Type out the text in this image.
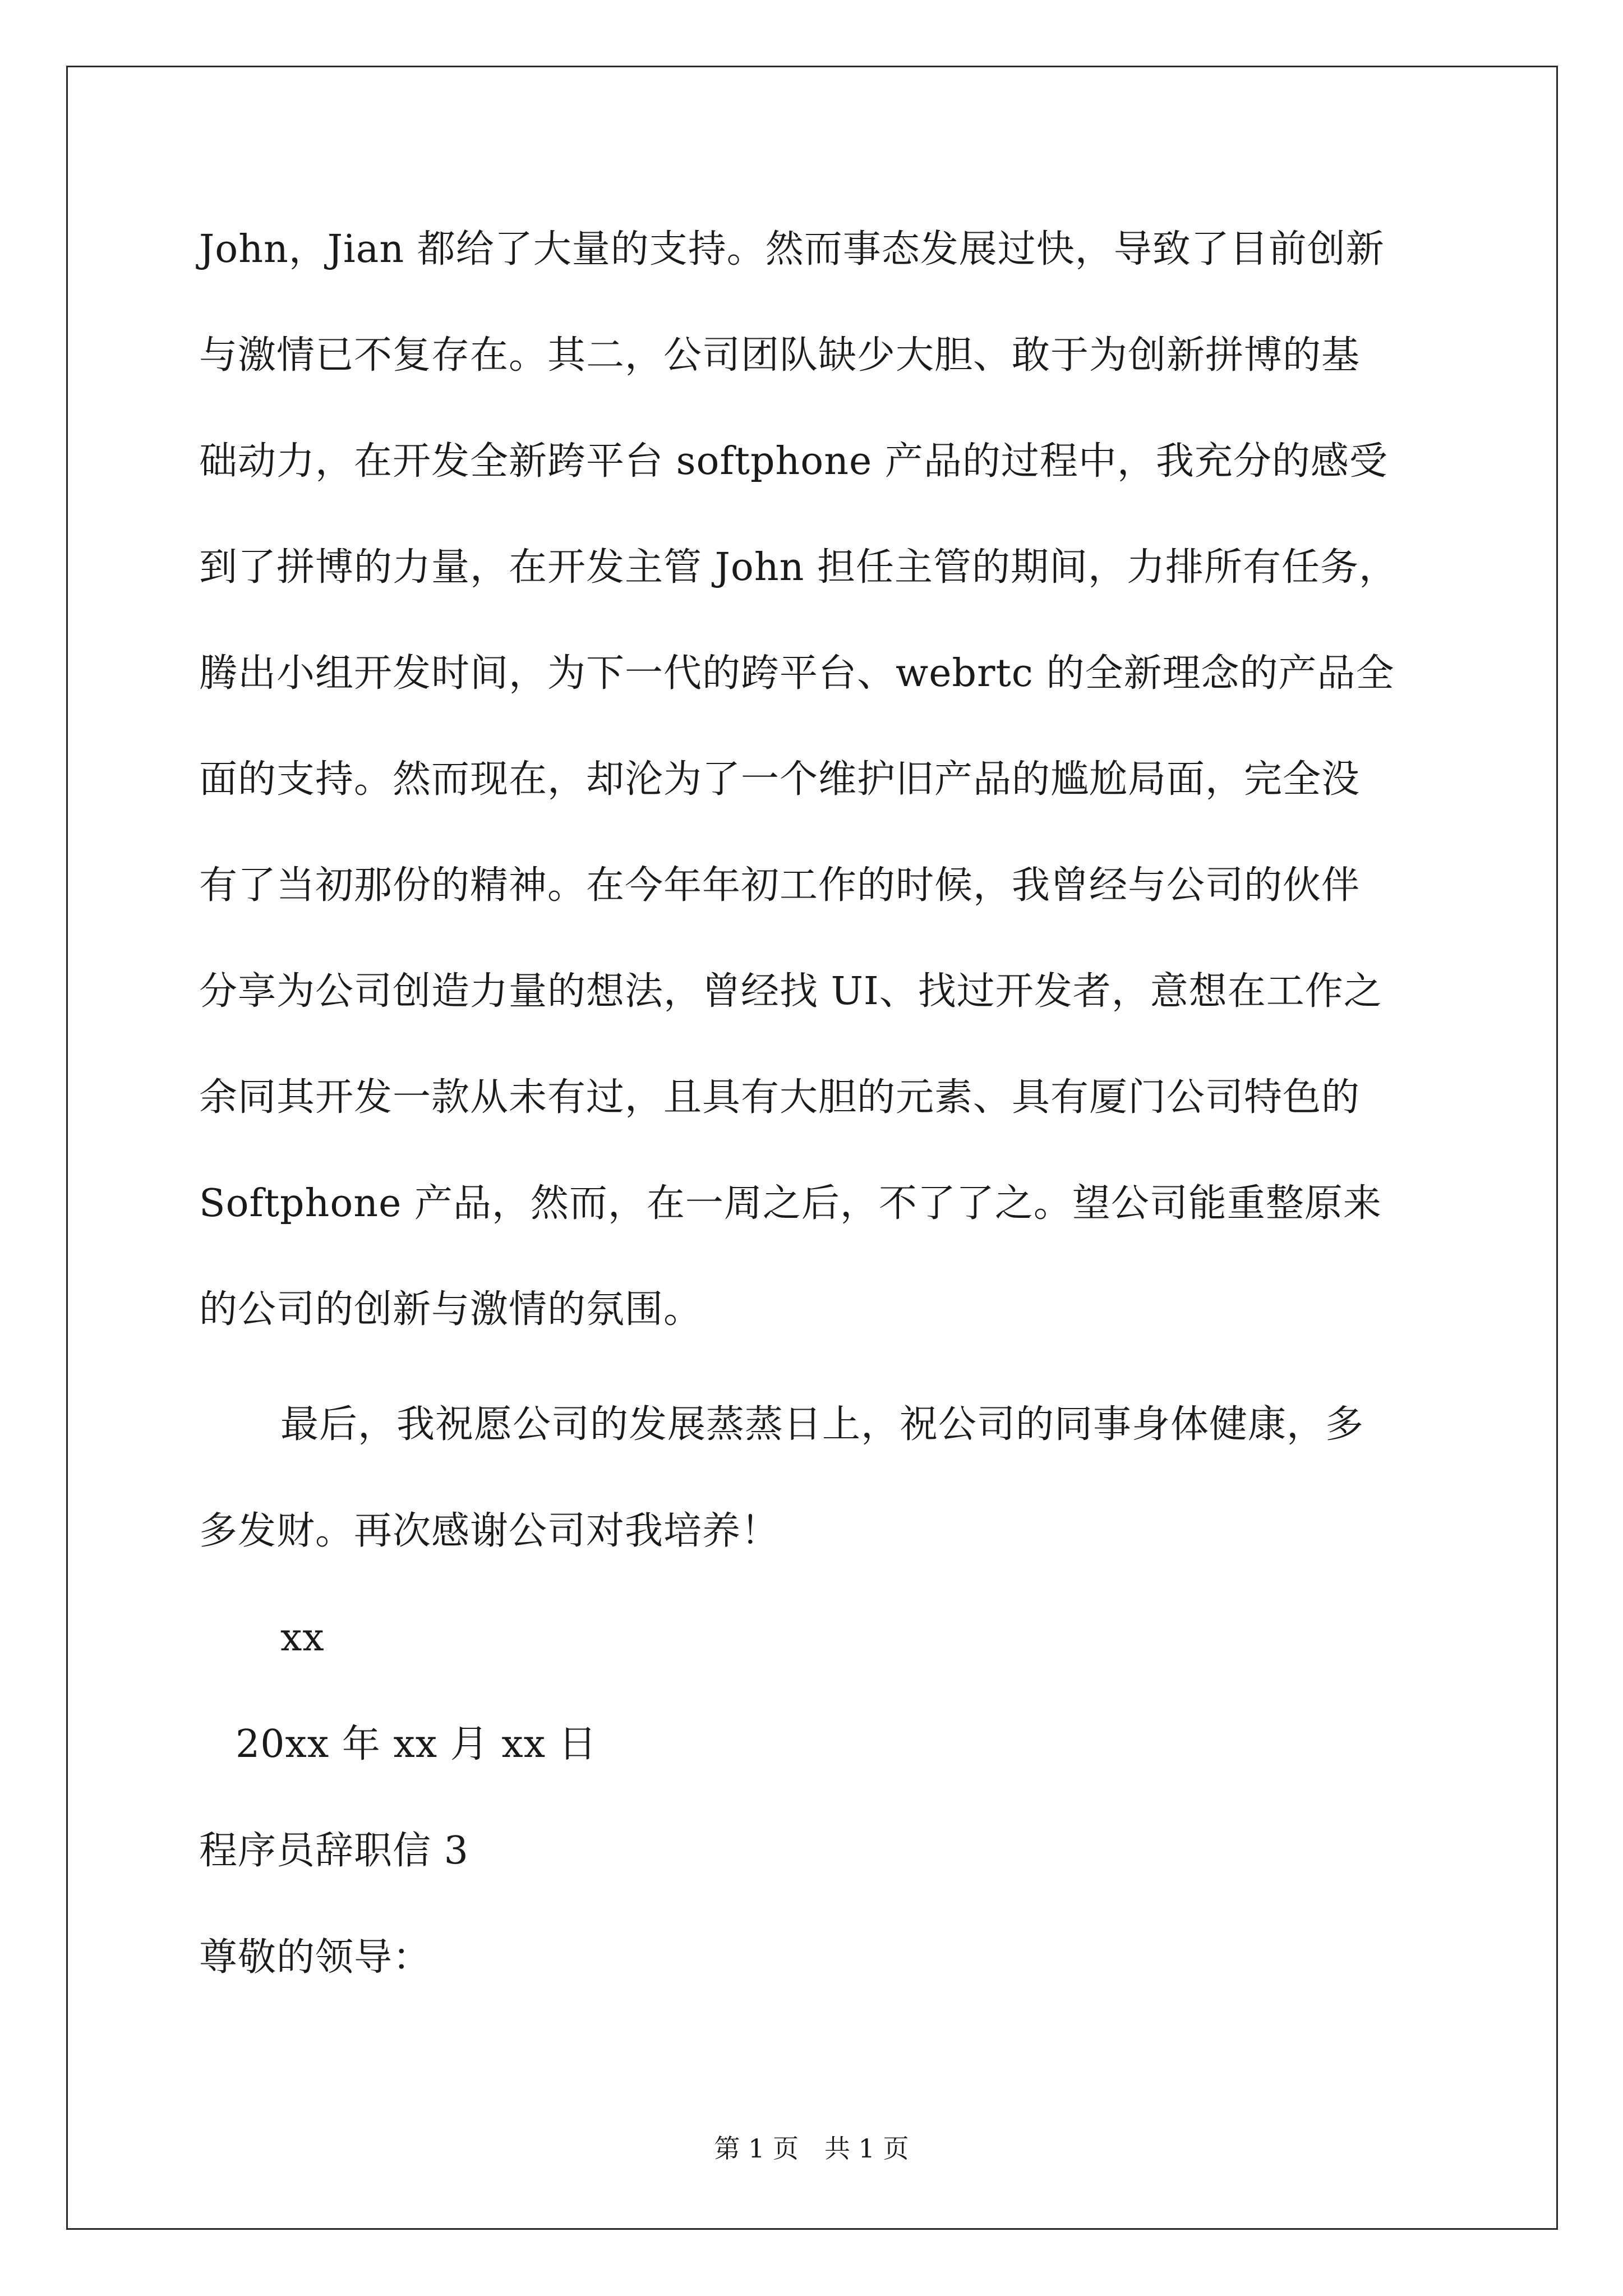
John，Jian 都给了大量的支持。然而事态发展过快，导致了目前创新
与激情已不复存在。其二，公司团队缺少大胆、敢于为创新拼博的基
础动力，在开发全新跨平台 softphone 产品的过程中，我充分的感受
到了拼博的力量，在开发主管 John 担任主管的期间，力排所有任务，
腾出小组开发时间，为下一代的跨平台、webrtc 的全新理念的产品全
面的支持。然而现在，却沦为了一个维护旧产品的尴尬局面，完全没
有了当初那份的精神。在今年年初工作的时候，我曾经与公司的伙伴
分享为公司创造力量的想法，曾经找 UI、找过开发者，意想在工作之
余同其开发一款从未有过，且具有大胆的元素、具有厦门公司特色的
Softphone 产品，然而，在一周之后，不了了之。望公司能重整原来
的公司的创新与激情的氛围。
最后，我祝愿公司的发展蒸蒸日上，祝公司的同事身体健康，多
多发财。再次感谢公司对我培养！
xx
20xx 年 xx 月 xx 日
程序员辞职信 3
尊敬的领导：
第 1 页　共 1 页
